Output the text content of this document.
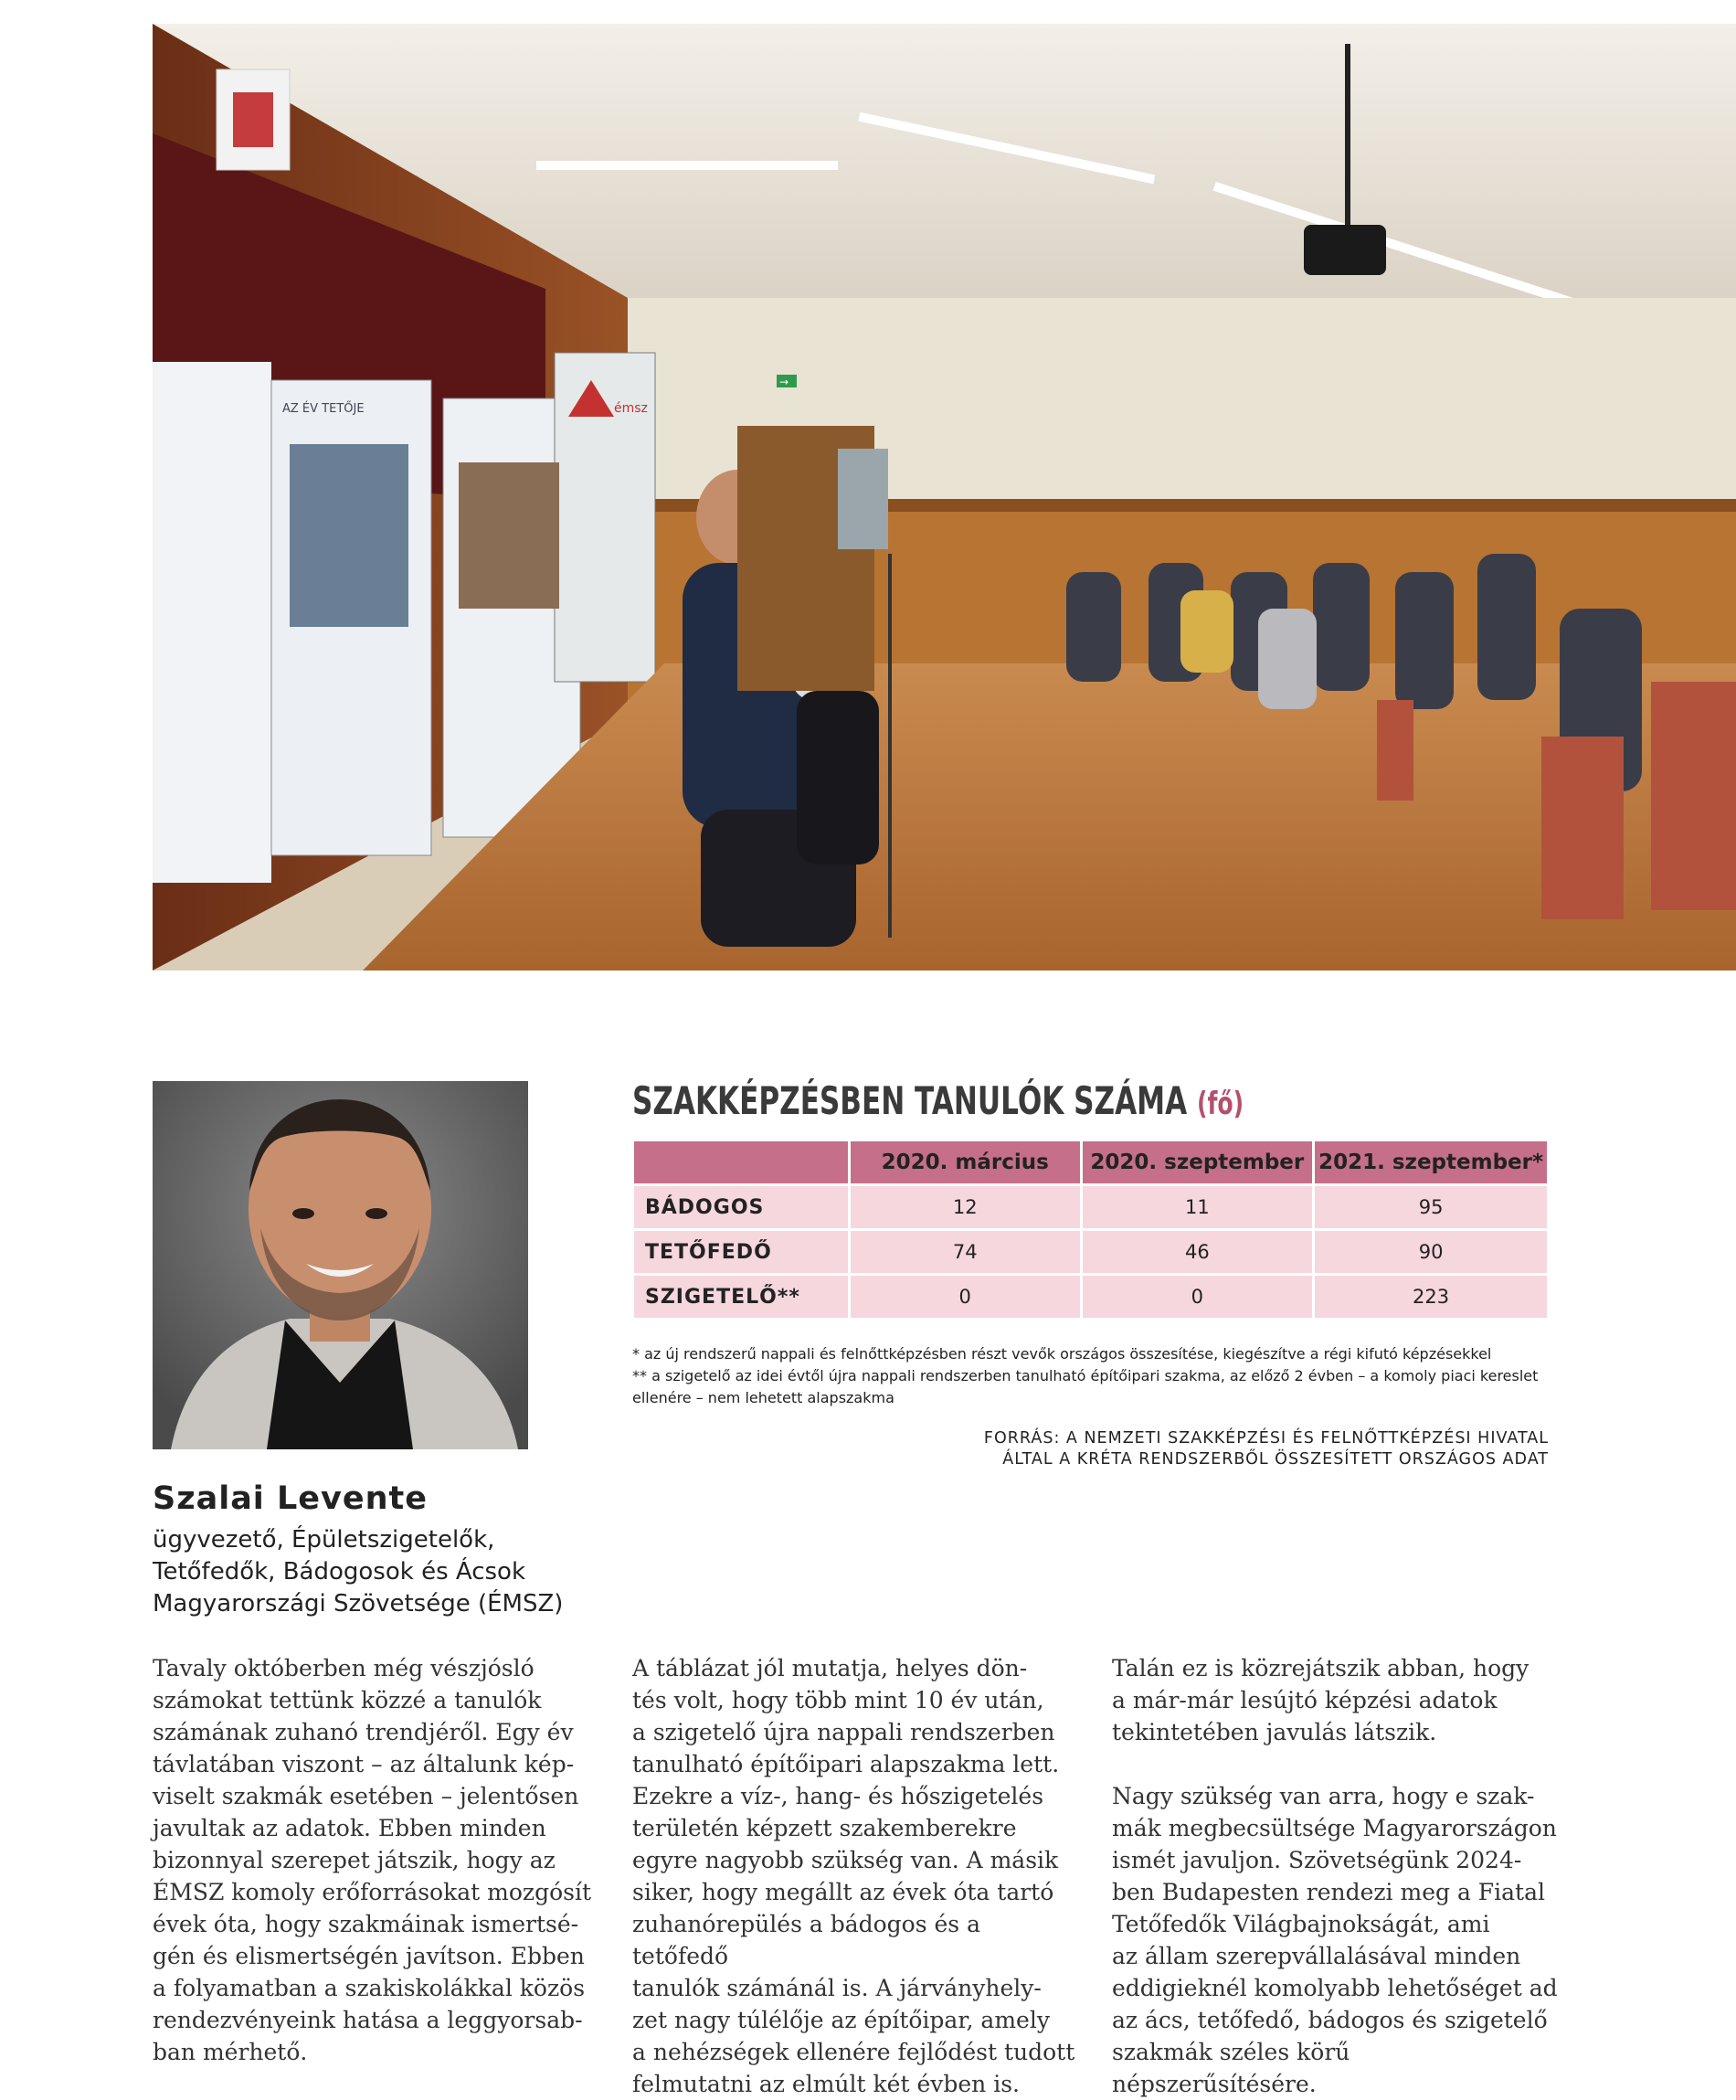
AZ ÉV TETŐJE	émsz
→
Szalai Levente
ügyvezető, Épületszigetelők,
Tetőfedők, Bádogosok és Ácsok
Magyarországi Szövetsége (ÉMSZ)
SZAKKÉPZÉSBEN TANULÓK SZÁMA (fő)
	2020. március	2020. szeptember	2021. szeptember*
BÁDOGOS	12	11	95
TETŐFEDŐ	74	46	90
SZIGETELŐ**	0	0	223
* az új rendszerű nappali és felnőttképzésben részt vevők országos összesítése, kiegészítve a régi kifutó képzésekkel
** a szigetelő az idei évtől újra nappali rendszerben tanulható építőipari szakma, az előző 2 évben – a komoly piaci kereslet ellenére – nem lehetett alapszakma
FORRÁS: A NEMZETI SZAKKÉPZÉSI ÉS FELNŐTTKÉPZÉSI HIVATAL
ÁLTAL A KRÉTA RENDSZERBŐL ÖSSZESÍTETT ORSZÁGOS ADAT
Tavaly októberben még vészjósló
számokat tettünk közzé a tanulók
számának zuhanó trendjéről. Egy év
távlatában viszont – az általunk kép-
viselt szakmák esetében – jelentősen
javultak az adatok. Ebben minden
bizonnyal szerepet játszik, hogy az
ÉMSZ komoly erőforrásokat mozgósít
évek óta, hogy szakmáinak ismertsé-
gén és elismertségén javítson. Ebben
a folyamatban a szakiskolákkal közös
rendezvényeink hatása a leggyorsab-
ban mérhető.
A táblázat jól mutatja, helyes dön-
tés volt, hogy több mint 10 év után,
a szigetelő újra nappali rendszerben
tanulható építőipari alapszakma lett.
Ezekre a víz-, hang- és hőszigetelés
területén képzett szakemberekre
egyre nagyobb szükség van. A másik
siker, hogy megállt az évek óta tartó
zuhanórepülés a bádogos és a tetőfedő
tanulók számánál is. A járványhely-
zet nagy túlélője az építőipar, amely
a nehézségek ellenére fejlődést tudott
felmutatni az elmúlt két évben is.
Talán ez is közrejátszik abban, hogy
a már-már lesújtó képzési adatok
tekintetében javulás látszik.

Nagy szükség van arra, hogy e szak-
mák megbecsültsége Magyarországon
ismét javuljon. Szövetségünk 2024-
ben Budapesten rendezi meg a Fiatal
Tetőfedők Világbajnokságát, ami
az állam szerepvállalásával minden
eddigieknél komolyabb lehetőséget ad
az ács, tetőfedő, bádogos és szigetelő
szakmák széles körű népszerűsítésére.
